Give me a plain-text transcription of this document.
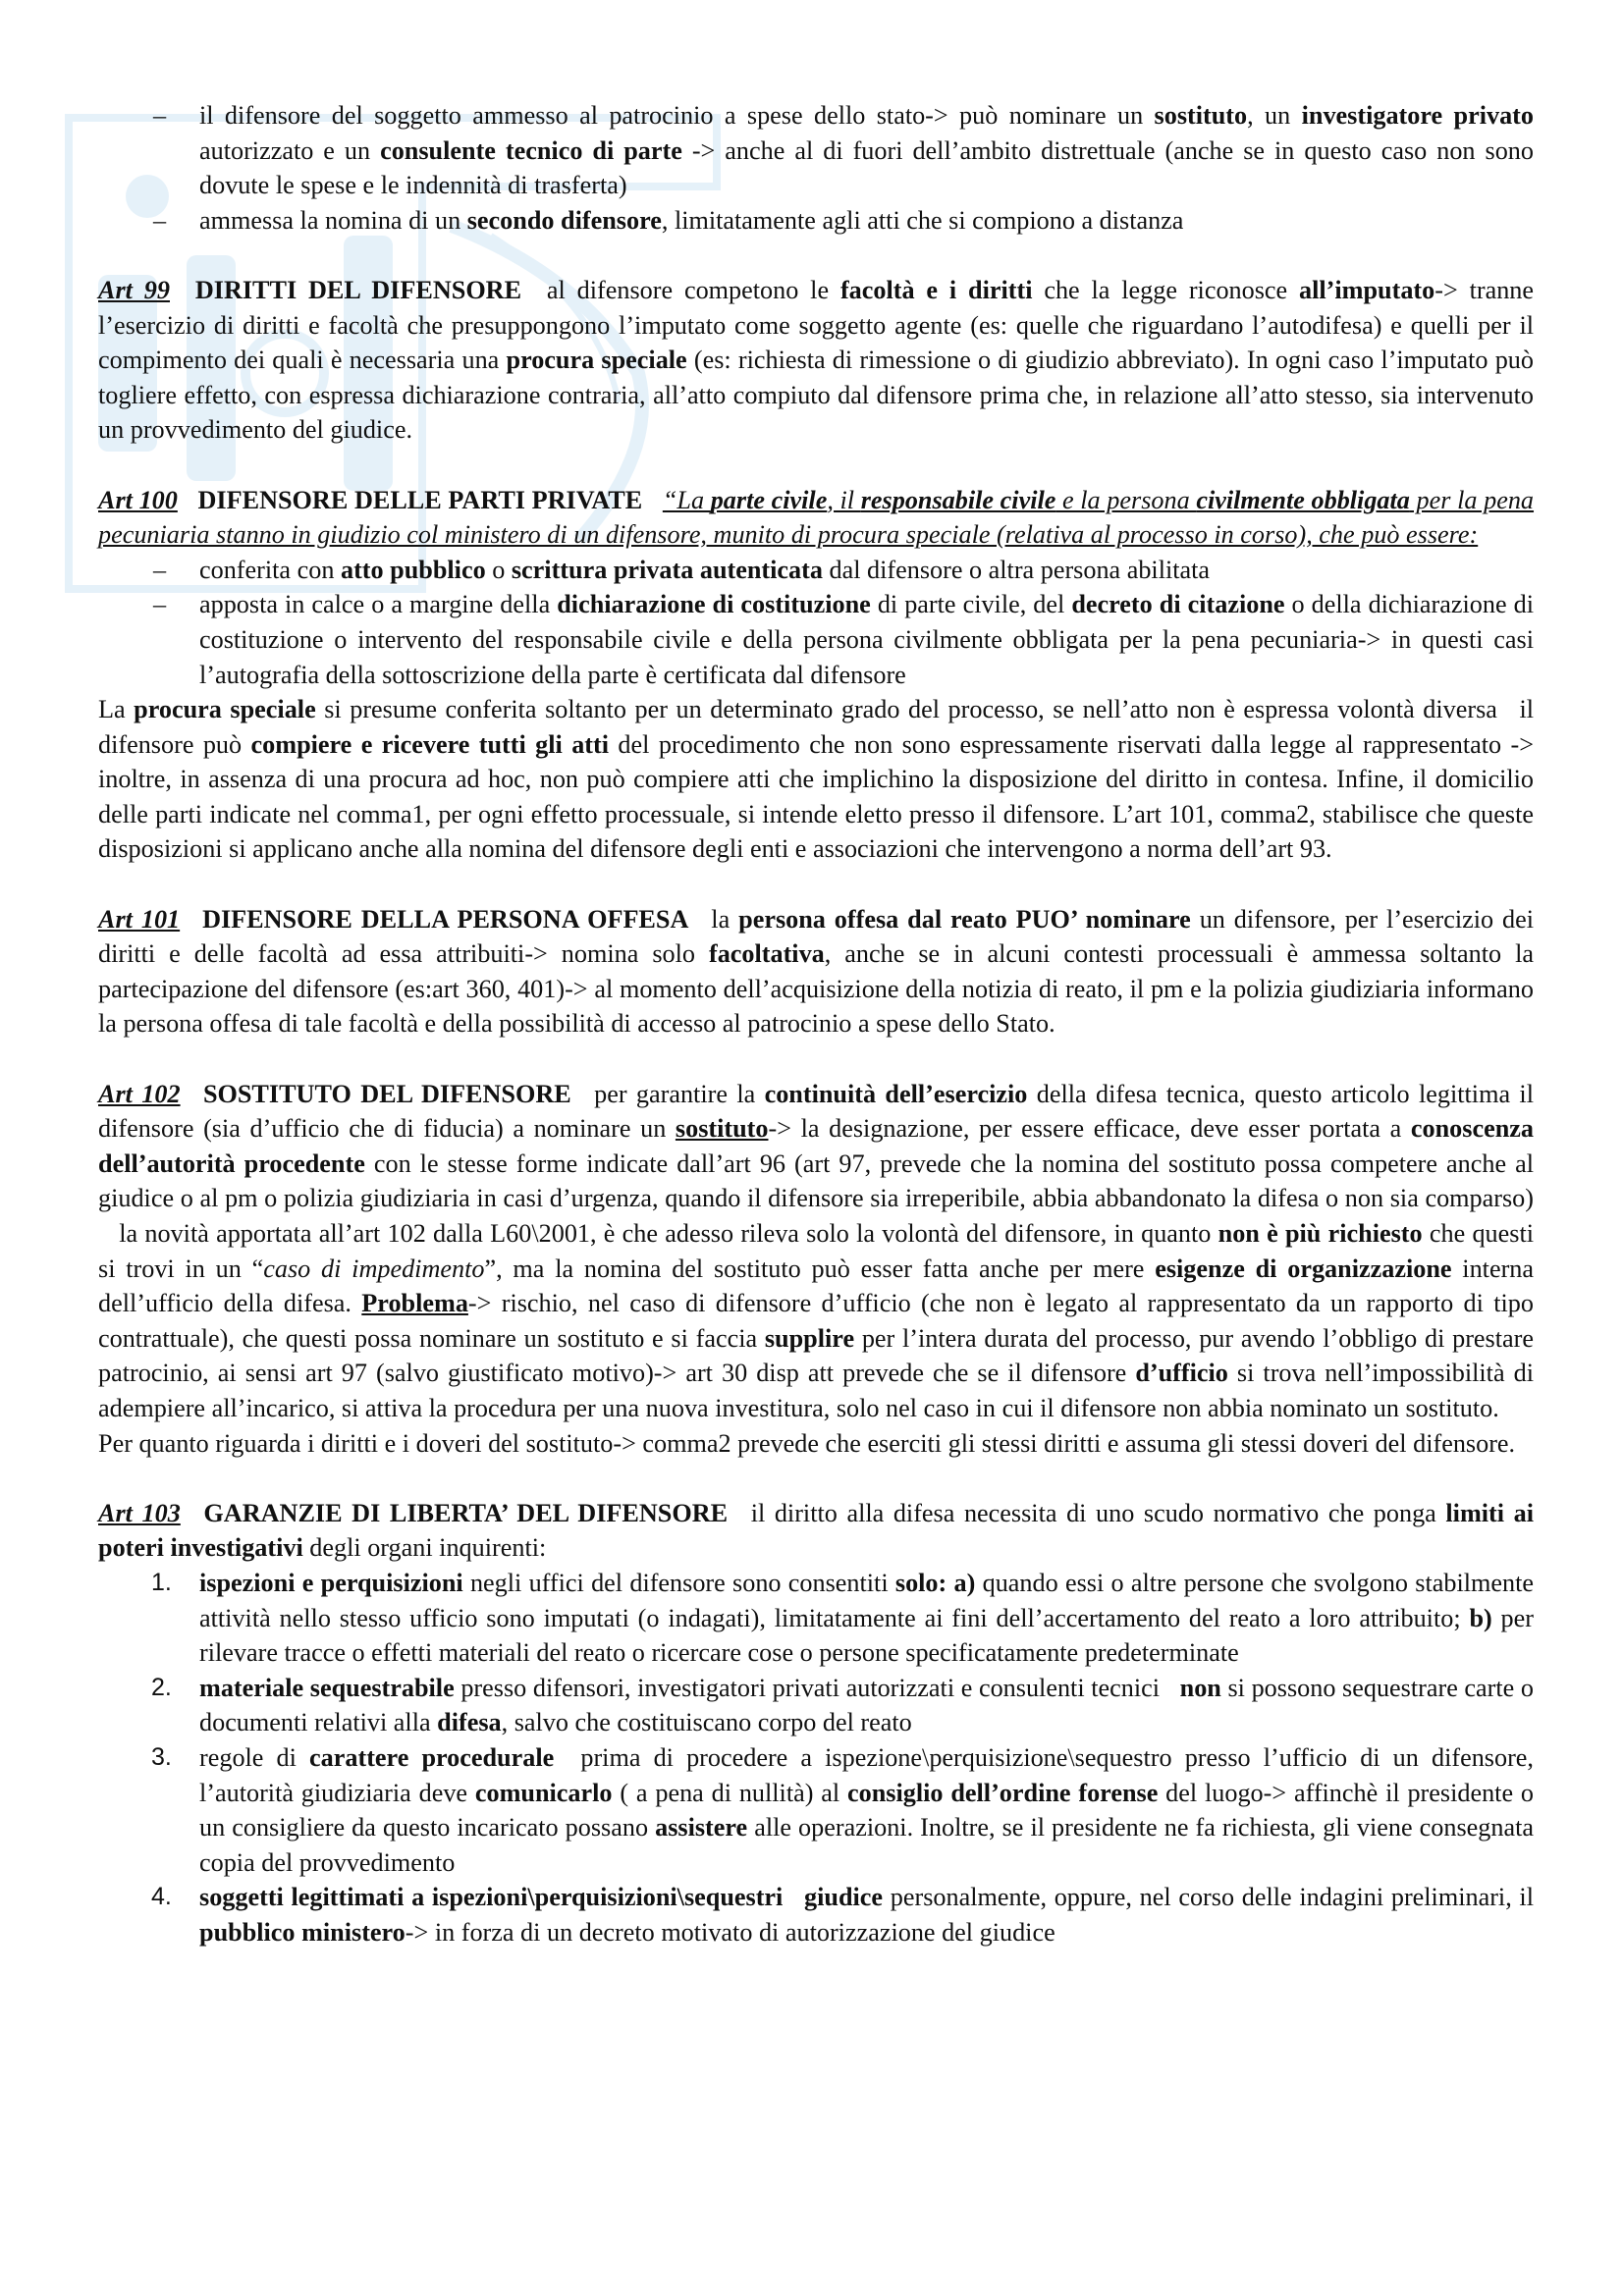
– il difensore del soggetto ammesso al patrocinio a spese dello stato-> può nominare un sostituto, un investigatore privato autorizzato e un consulente tecnico di parte -> anche al di fuori dell’ambito distrettuale (anche se in questo caso non sono dovute le spese e le indennità di trasferta)
– ammessa la nomina di un secondo difensore, limitatamente agli atti che si compiono a distanza

Art 99 DIRITTI DEL DIFENSORE al difensore competono le facoltà e i diritti che la legge riconosce all’imputato-> tranne l’esercizio di diritti e facoltà che presuppongono l’imputato come soggetto agente (es: quelle che riguardano l’autodifesa) e quelli per il compimento dei quali è necessaria una procura speciale (es: richiesta di rimessione o di giudizio abbreviato). In ogni caso l’imputato può togliere effetto, con espressa dichiarazione contraria, all’atto compiuto dal difensore prima che, in relazione all’atto stesso, sia intervenuto un provvedimento del giudice.

Art 100 DIFENSORE DELLE PARTI PRIVATE “La parte civile, il responsabile civile e la persona civilmente obbligata per la pena pecuniaria stanno in giudizio col ministero di un difensore, munito di procura speciale (relativa al processo in corso), che può essere:

– conferita con atto pubblico o scrittura privata autenticata dal difensore o altra persona abilitata
– apposta in calce o a margine della dichiarazione di costituzione di parte civile, del decreto di citazione o della dichiarazione di costituzione o intervento del responsabile civile e della persona civilmente obbligata per la pena pecuniaria-> in questi casi l’autografia della sottoscrizione della parte è certificata dal difensore

La procura speciale si presume conferita soltanto per un determinato grado del processo, se nell’atto non è espressa volontà diversa il difensore può compiere e ricevere tutti gli atti del procedimento che non sono espressamente riservati dalla legge al rappresentato -> inoltre, in assenza di una procura ad hoc, non può compiere atti che implichino la disposizione del diritto in contesa. Infine, il domicilio delle parti indicate nel comma1, per ogni effetto processuale, si intende eletto presso il difensore. L’art 101, comma2, stabilisce che queste disposizioni si applicano anche alla nomina del difensore degli enti e associazioni che intervengono a norma dell’art 93.

Art 101 DIFENSORE DELLA PERSONA OFFESA la persona offesa dal reato PUO’ nominare un difensore, per l’esercizio dei diritti e delle facoltà ad essa attribuiti-> nomina solo facoltativa, anche se in alcuni contesti processuali è ammessa soltanto la partecipazione del difensore (es:art 360, 401)-> al momento dell’acquisizione della notizia di reato, il pm e la polizia giudiziaria informano la persona offesa di tale facoltà e della possibilità di accesso al patrocinio a spese dello Stato.

Art 102 SOSTITUTO DEL DIFENSORE per garantire la continuità dell’esercizio della difesa tecnica, questo articolo legittima il difensore (sia d’ufficio che di fiducia) a nominare un sostituto-> la designazione, per essere efficace, deve esser portata a conoscenza dell’autorità procedente con le stesse forme indicate dall’art 96 (art 97, prevede che la nomina del sostituto possa competere anche al giudice o al pm o polizia giudiziaria in casi d’urgenza, quando il difensore sia irreperibile, abbia abbandonato la difesa o non sia comparso) la novità apportata all’art 102 dalla L60\2001, è che adesso rileva solo la volontà del difensore, in quanto non è più richiesto che questi si trovi in un “caso di impedimento”, ma la nomina del sostituto può esser fatta anche per mere esigenze di organizzazione interna dell’ufficio della difesa. Problema-> rischio, nel caso di difensore d’ufficio (che non è legato al rappresentato da un rapporto di tipo contrattuale), che questi possa nominare un sostituto e si faccia supplire per l’intera durata del processo, pur avendo l’obbligo di prestare patrocinio, ai sensi art 97 (salvo giustificato motivo)-> art 30 disp att prevede che se il difensore d’ufficio si trova nell’impossibilità di adempiere all’incarico, si attiva la procedura per una nuova investitura, solo nel caso in cui il difensore non abbia nominato un sostituto.

Per quanto riguarda i diritti e i doveri del sostituto-> comma2 prevede che eserciti gli stessi diritti e assuma gli stessi doveri del difensore.

Art 103 GARANZIE DI LIBERTA’ DEL DIFENSORE il diritto alla difesa necessita di uno scudo normativo che ponga limiti ai poteri investigativi degli organi inquirenti:

1. ispezioni e perquisizioni negli uffici del difensore sono consentiti solo: a) quando essi o altre persone che svolgono stabilmente attività nello stesso ufficio sono imputati (o indagati), limitatamente ai fini dell’accertamento del reato a loro attribuito; b) per rilevare tracce o effetti materiali del reato o ricercare cose o persone specificatamente predeterminate
2. materiale sequestrabile presso difensori, investigatori privati autorizzati e consulenti tecnici non si possono sequestrare carte o documenti relativi alla difesa, salvo che costituiscano corpo del reato
3. regole di carattere procedurale prima di procedere a ispezione\perquisizione\sequestro presso l’ufficio di un difensore, l’autorità giudiziaria deve comunicarlo ( a pena di nullità) al consiglio dell’ordine forense del luogo-> affinchè il presidente o un consigliere da questo incaricato possano assistere alle operazioni. Inoltre, se il presidente ne fa richiesta, gli viene consegnata copia del provvedimento
4. soggetti legittimati a ispezioni\perquisizioni\sequestri giudice personalmente, oppure, nel corso delle indagini preliminari, il pubblico ministero-> in forza di un decreto motivato di autorizzazione del giudice
